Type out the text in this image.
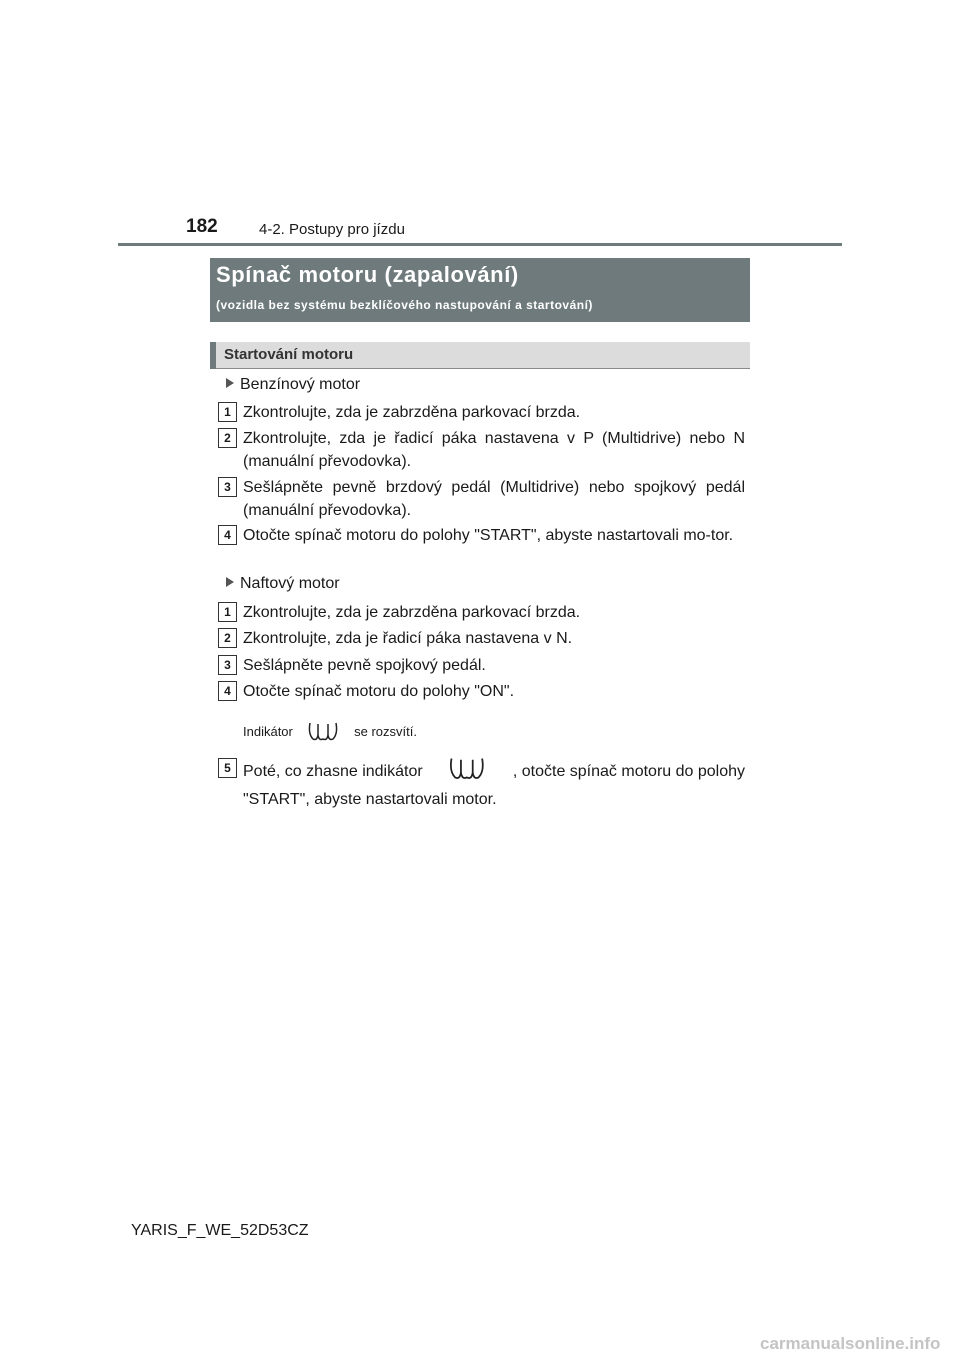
182	4-2. Postupy pro jízdu
Spínač motoru (zapalování)
(vozidla bez systému bezklíčového nastupování a startování)
Startování motoru
Benzínový motor
1 Zkontrolujte, zda je zabrzděna parkovací brzda.
2 Zkontrolujte, zda je řadicí páka nastavena v P (Multidrive) nebo N (manuální převodovka).
3 Sešlápněte pevně brzdový pedál (Multidrive) nebo spojkový pedál (manuální převodovka).
4 Otočte spínač motoru do polohy "START", abyste nastartovali mo-tor.
Naftový motor
1 Zkontrolujte, zda je zabrzděna parkovací brzda.
2 Zkontrolujte, zda je řadicí páka nastavena v N.
3 Sešlápněte pevně spojkový pedál.
4 Otočte spínač motoru do polohy "ON".
Indikátor	se rozsvítí.
5 Poté, co zhasne indikátor	, otočte spínač motoru do polohy
"START", abyste nastartovali motor.
YARIS_F_WE_52D53CZ
carmanualsonline.info
